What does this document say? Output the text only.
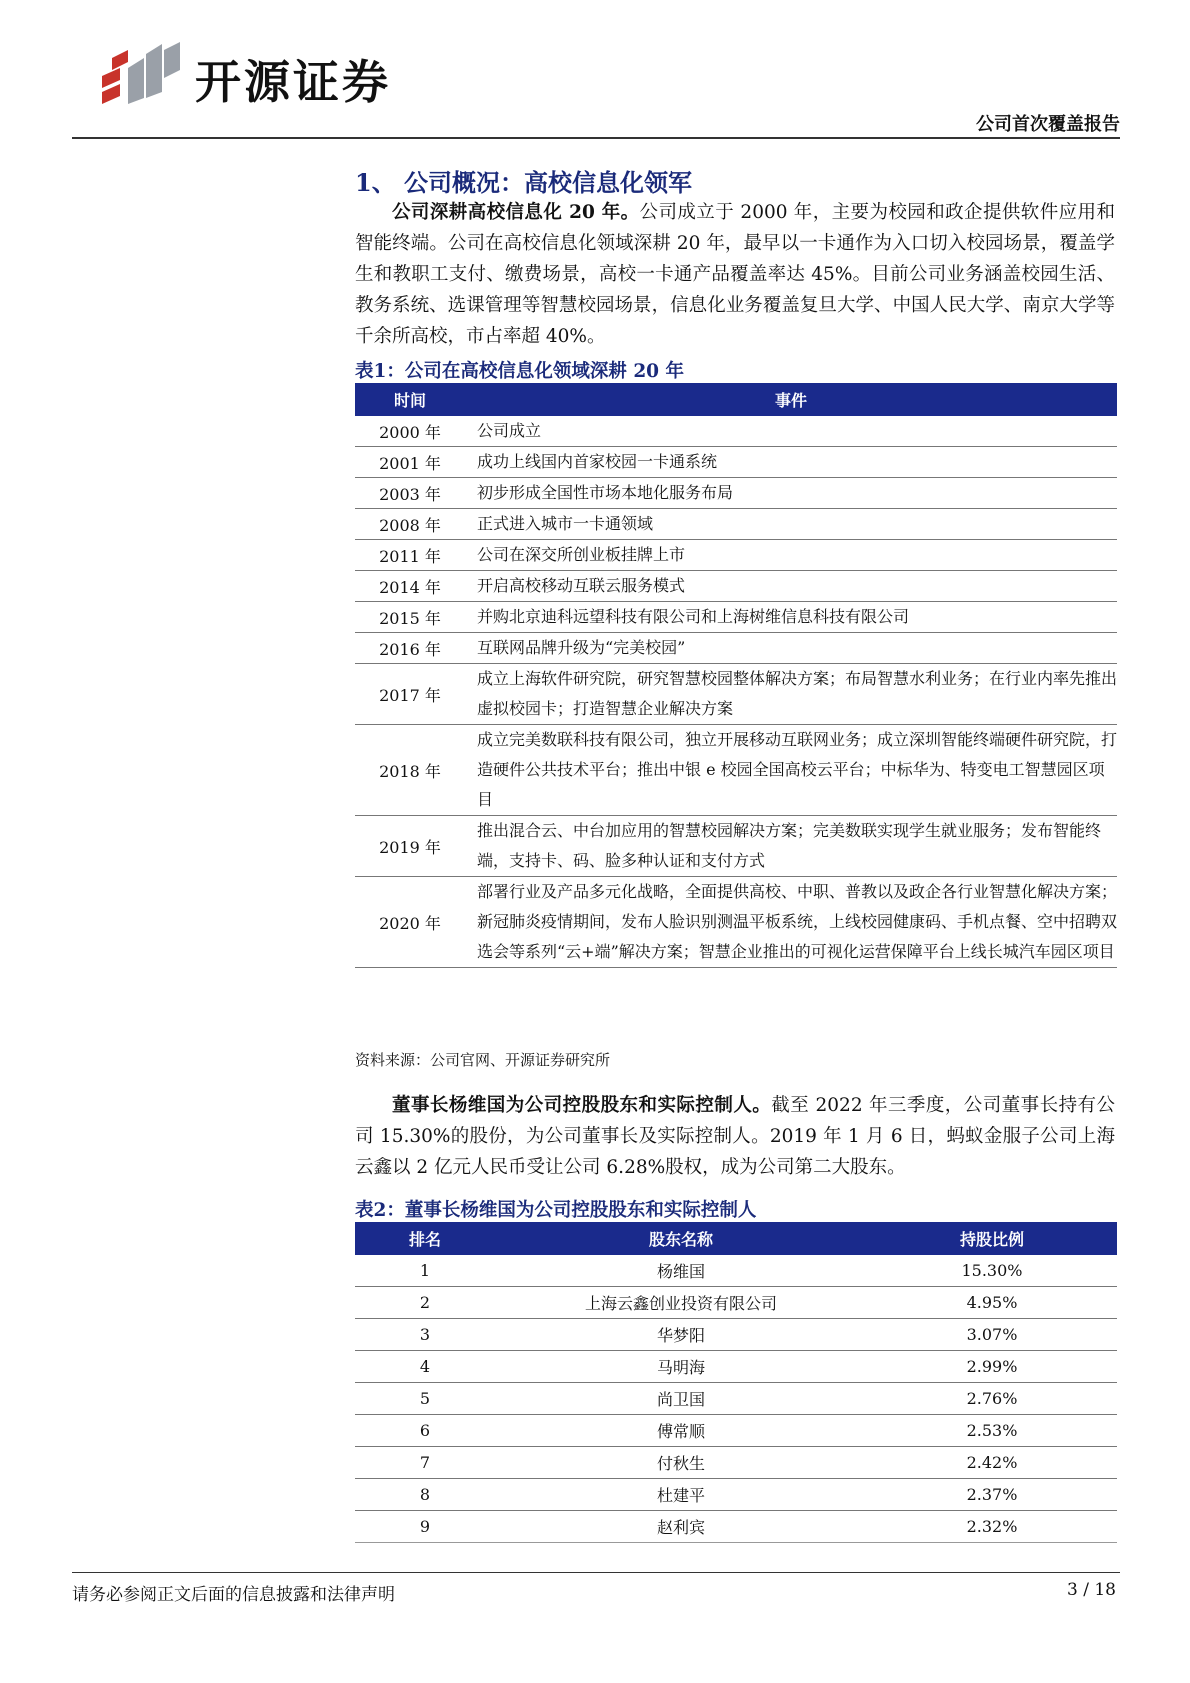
开源证券
公司首次覆盖报告
1、 公司概况：高校信息化领军
公司深耕高校信息化 20 年。公司成立于 2000 年，主要为校园和政企提供软件应用和智能终端。公司在高校信息化领域深耕 20 年，最早以一卡通作为入口切入校园场景，覆盖学生和教职工支付、缴费场景，高校一卡通产品覆盖率达 45%。目前公司业务涵盖校园生活、教务系统、选课管理等智慧校园场景，信息化业务覆盖复旦大学、中国人民大学、南京大学等千余所高校，市占率超 40%。
表1：公司在高校信息化领域深耕 20 年
时间	事件
2000 年	公司成立
2001 年	成功上线国内首家校园一卡通系统
2003 年	初步形成全国性市场本地化服务布局
2008 年	正式进入城市一卡通领域
2011 年	公司在深交所创业板挂牌上市
2014 年	开启高校移动互联云服务模式
2015 年	并购北京迪科远望科技有限公司和上海树维信息科技有限公司
2016 年	互联网品牌升级为“完美校园”
2017 年	成立上海软件研究院，研究智慧校园整体解决方案；布局智慧水利业务；在行业内率先推出虚拟校园卡；打造智慧企业解决方案
2018 年	成立完美数联科技有限公司，独立开展移动互联网业务；成立深圳智能终端硬件研究院，打造硬件公共技术平台；推出中银 e 校园全国高校云平台；中标华为、特变电工智慧园区项目
2019 年	推出混合云、中台加应用的智慧校园解决方案；完美数联实现学生就业服务；发布智能终端，支持卡、码、脸多种认证和支付方式
2020 年	部署行业及产品多元化战略，全面提供高校、中职、普教以及政企各行业智慧化解决方案；新冠肺炎疫情期间，发布人脸识别测温平板系统，上线校园健康码、手机点餐、空中招聘双选会等系列“云+端”解决方案；智慧企业推出的可视化运营保障平台上线长城汽车园区项目
资料来源：公司官网、开源证券研究所
董事长杨维国为公司控股股东和实际控制人。截至 2022 年三季度，公司董事长持有公司 15.30%的股份，为公司董事长及实际控制人。2019 年 1 月 6 日，蚂蚁金服子公司上海云鑫以 2 亿元人民币受让公司 6.28%股权，成为公司第二大股东。
表2：董事长杨维国为公司控股股东和实际控制人
排名	股东名称	持股比例
1	杨维国	15.30%
2	上海云鑫创业投资有限公司	4.95%
3	华梦阳	3.07%
4	马明海	2.99%
5	尚卫国	2.76%
6	傅常顺	2.53%
7	付秋生	2.42%
8	杜建平	2.37%
9	赵利宾	2.32%
请务必参阅正文后面的信息披露和法律声明	3 / 18
